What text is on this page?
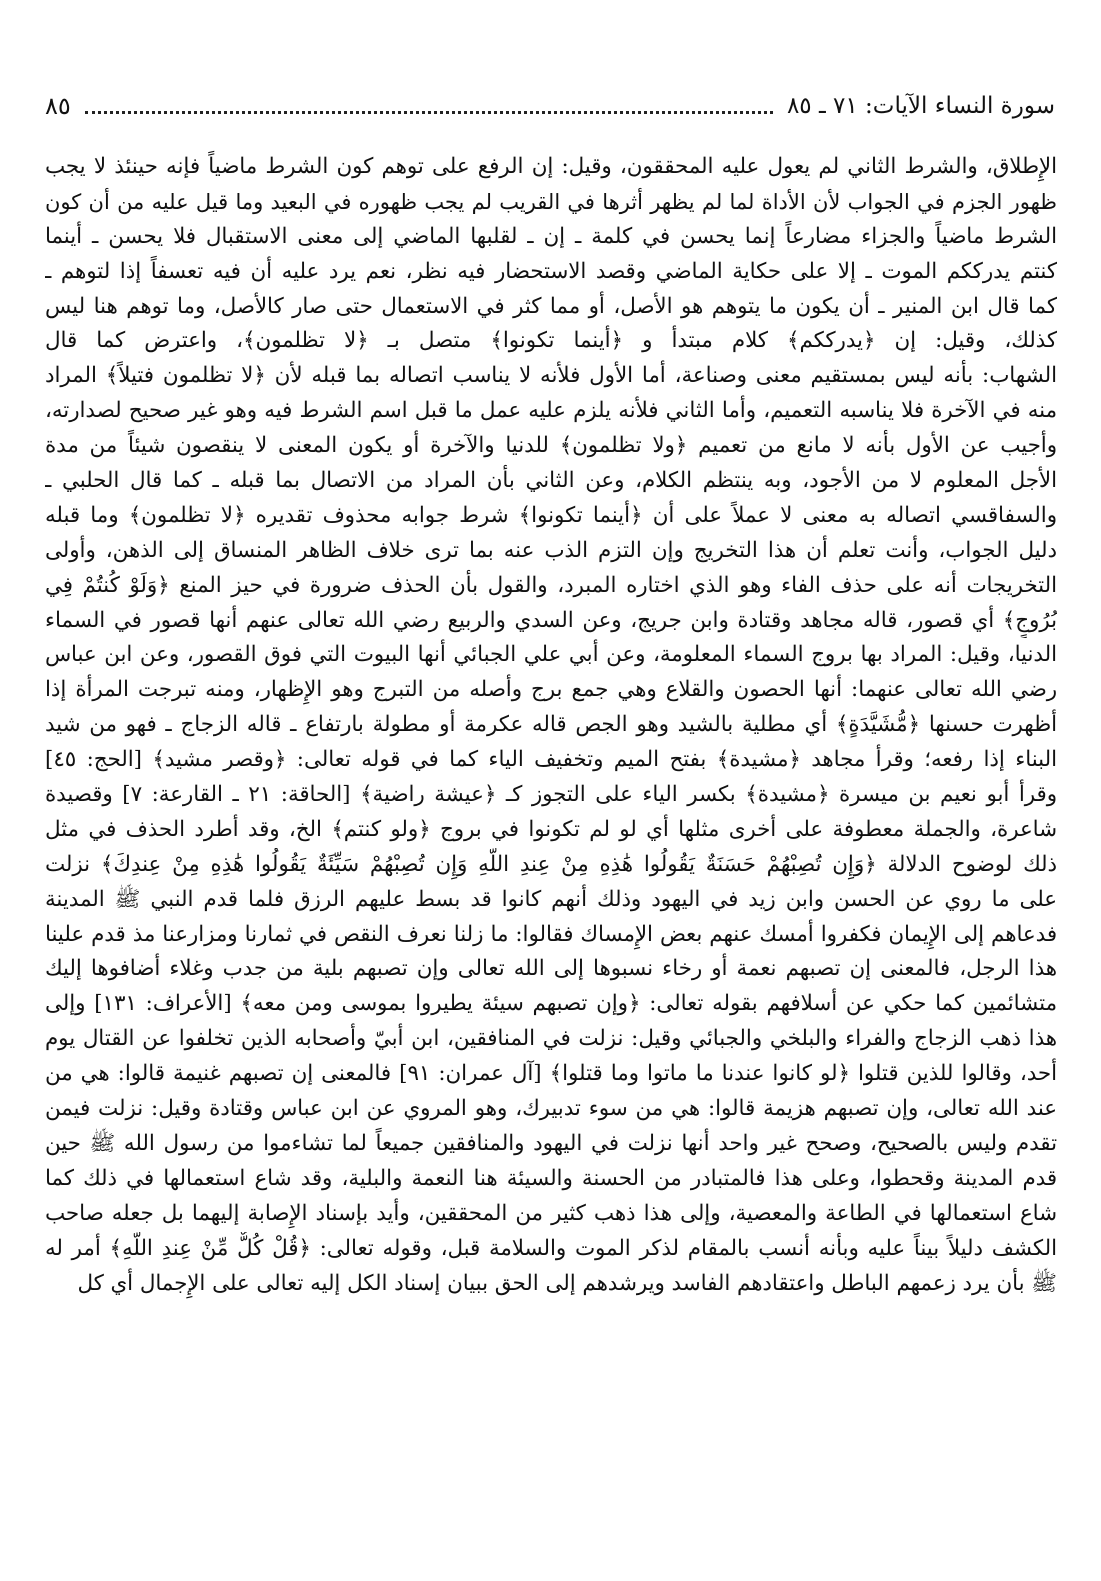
سورة النساء الآيات: ٧١ ـ ٨٥
٨٥
الإِطلاق، والشرط الثاني لم يعول عليه المحققون، وقيل: إن الرفع على توهم كون الشرط ماضياً فإنه حينئذ لا يجب
ظهور الجزم في الجواب لأن الأداة لما لم يظهر أثرها في القريب لم يجب ظهوره في البعيد وما قيل عليه من أن كون
الشرط ماضياً والجزاء مضارعاً إنما يحسن في كلمة ـ إن ـ لقلبها الماضي إلى معنى الاستقبال فلا يحسن ـ أينما
كنتم يدرككم الموت ـ إلا على حكاية الماضي وقصد الاستحضار فيه نظر، نعم يرد عليه أن فيه تعسفاً إذا لتوهم ـ
كما قال ابن المنير ـ أن يكون ما يتوهم هو الأصل، أو مما كثر في الاستعمال حتى صار كالأصل، وما توهم هنا ليس
كذلك، وقيل: إن ﴿يدرككم﴾ كلام مبتدأ و ﴿أينما تكونوا﴾ متصل بـ ﴿لا تظلمون﴾، واعترض كما قال
الشهاب: بأنه ليس بمستقيم معنى وصناعة، أما الأول فلأنه لا يناسب اتصاله بما قبله لأن ﴿لا تظلمون فتيلاً﴾ المراد
منه في الآخرة فلا يناسبه التعميم، وأما الثاني فلأنه يلزم عليه عمل ما قبل اسم الشرط فيه وهو غير صحيح لصدارته،
وأجيب عن الأول بأنه لا مانع من تعميم ﴿ولا تظلمون﴾ للدنيا والآخرة أو يكون المعنى لا ينقصون شيئاً من مدة
الأجل المعلوم لا من الأجود، وبه ينتظم الكلام، وعن الثاني بأن المراد من الاتصال بما قبله ـ كما قال الحلبي ـ
والسفاقسي اتصاله به معنى لا عملاً على أن ﴿أينما تكونوا﴾ شرط جوابه محذوف تقديره ﴿لا تظلمون﴾ وما قبله
دليل الجواب، وأنت تعلم أن هذا التخريج وإن التزم الذب عنه بما ترى خلاف الظاهر المنساق إلى الذهن، وأولى
التخريجات أنه على حذف الفاء وهو الذي اختاره المبرد، والقول بأن الحذف ضرورة في حيز المنع ﴿وَلَوْ كُنتُمْ فِي
بُرُوجٍ﴾ أي قصور، قاله مجاهد وقتادة وابن جريج، وعن السدي والربيع رضي الله تعالى عنهم أنها قصور في السماء
الدنيا، وقيل: المراد بها بروج السماء المعلومة، وعن أبي علي الجبائي أنها البيوت التي فوق القصور، وعن ابن عباس
رضي الله تعالى عنهما: أنها الحصون والقلاع وهي جمع برج وأصله من التبرج وهو الإِظهار، ومنه تبرجت المرأة إذا
أظهرت حسنها ﴿مُّشَيَّدَةٍ﴾ أي مطلية بالشيد وهو الجص قاله عكرمة أو مطولة بارتفاع ـ قاله الزجاج ـ فهو من شيد
البناء إذا رفعه؛ وقرأ مجاهد ﴿مشيدة﴾ بفتح الميم وتخفيف الياء كما في قوله تعالى: ﴿وقصر مشيد﴾ [الحج: ٤٥]
وقرأ أبو نعيم بن ميسرة ﴿مشيدة﴾ بكسر الياء على التجوز كـ ﴿عيشة راضية﴾ [الحاقة: ٢١ ـ القارعة: ٧] وقصيدة
شاعرة، والجملة معطوفة على أخرى مثلها أي لو لم تكونوا في بروج ﴿ولو كنتم﴾ الخ، وقد أطرد الحذف في مثل
ذلك لوضوح الدلالة ﴿وَإِن تُصِبْهُمْ حَسَنَةٌ يَقُولُوا هَٰذِهِ مِنْ عِندِ اللَّهِ وَإِن تُصِبْهُمْ سَيِّئَةٌ يَقُولُوا هَٰذِهِ مِنْ عِندِكَ﴾ نزلت
على ما روي عن الحسن وابن زيد في اليهود وذلك أنهم كانوا قد بسط عليهم الرزق فلما قدم النبي ﷺ المدينة
فدعاهم إلى الإِيمان فكفروا أمسك عنهم بعض الإِمساك فقالوا: ما زلنا نعرف النقص في ثمارنا ومزارعنا مذ قدم علينا
هذا الرجل، فالمعنى إن تصبهم نعمة أو رخاء نسبوها إلى الله تعالى وإن تصبهم بلية من جدب وغلاء أضافوها إليك
متشائمين كما حكي عن أسلافهم بقوله تعالى: ﴿وإن تصبهم سيئة يطيروا بموسى ومن معه﴾ [الأعراف: ١٣١] وإلى
هذا ذهب الزجاج والفراء والبلخي والجبائي وقيل: نزلت في المنافقين، ابن أبيّ وأصحابه الذين تخلفوا عن القتال يوم
أحد، وقالوا للذين قتلوا ﴿لو كانوا عندنا ما ماتوا وما قتلوا﴾ [آل عمران: ٩١] فالمعنى إن تصبهم غنيمة قالوا: هي من
عند الله تعالى، وإن تصبهم هزيمة قالوا: هي من سوء تدبيرك، وهو المروي عن ابن عباس وقتادة وقيل: نزلت فيمن
تقدم وليس بالصحيح، وصحح غير واحد أنها نزلت في اليهود والمنافقين جميعاً لما تشاءموا من رسول الله ﷺ حين
قدم المدينة وقحطوا، وعلى هذا فالمتبادر من الحسنة والسيئة هنا النعمة والبلية، وقد شاع استعمالها في ذلك كما
شاع استعمالها في الطاعة والمعصية، وإلى هذا ذهب كثير من المحققين، وأيد بإسناد الإِصابة إليهما بل جعله صاحب
الكشف دليلاً بيناً عليه وبأنه أنسب بالمقام لذكر الموت والسلامة قبل، وقوله تعالى: ﴿قُلْ كُلٌّ مِّنْ عِندِ اللَّهِ﴾ أمر له
ﷺ بأن يرد زعمهم الباطل واعتقادهم الفاسد ويرشدهم إلى الحق ببيان إسناد الكل إليه تعالى على الإِجمال أي كل
